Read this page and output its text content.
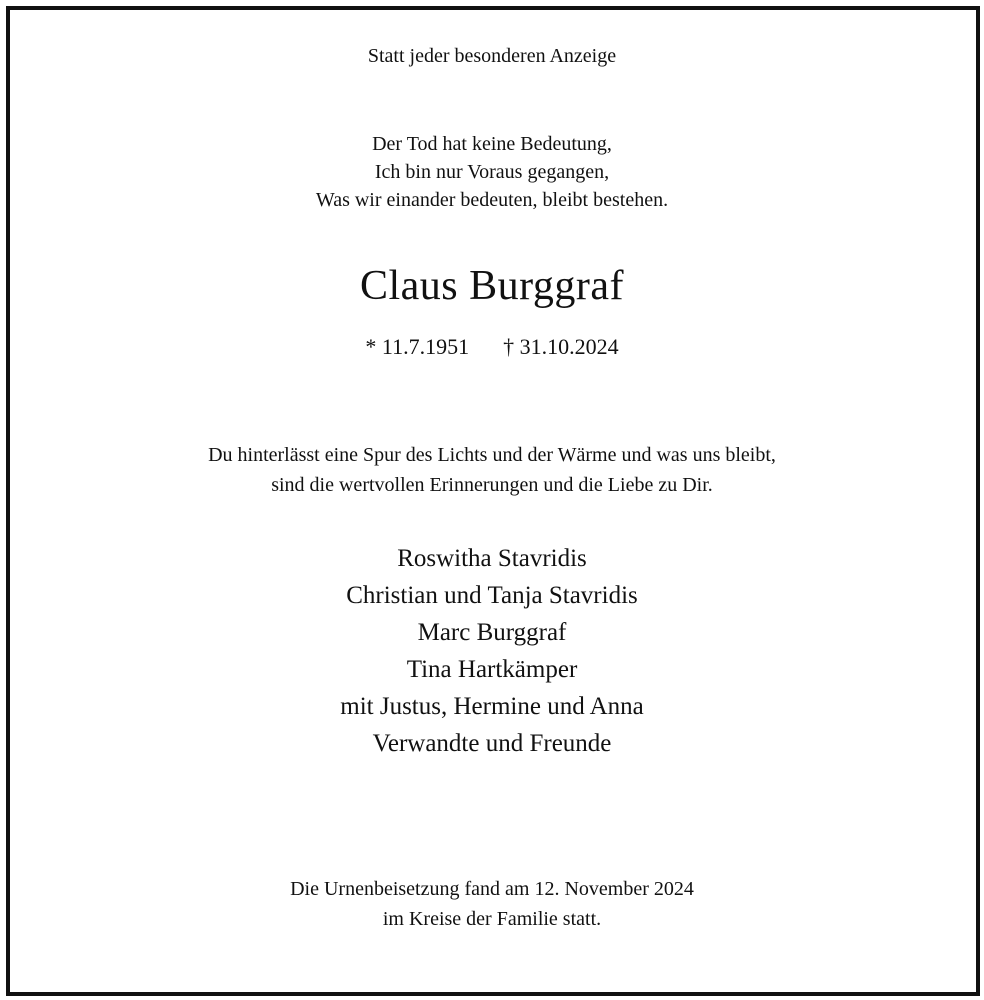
Statt jeder besonderen Anzeige
Der Tod hat keine Bedeutung,
Ich bin nur Voraus gegangen,
Was wir einander bedeuten, bleibt bestehen.
Claus Burggraf
* 11.7.1951 † 31.10.2024
Du hinterlässt eine Spur des Lichts und der Wärme und was uns bleibt,
sind die wertvollen Erinnerungen und die Liebe zu Dir.
Roswitha Stavridis
Christian und Tanja Stavridis
Marc Burggraf
Tina Hartkämper
mit Justus, Hermine und Anna
Verwandte und Freunde
Die Urnenbeisetzung fand am 12. November 2024
im Kreise der Familie statt.
